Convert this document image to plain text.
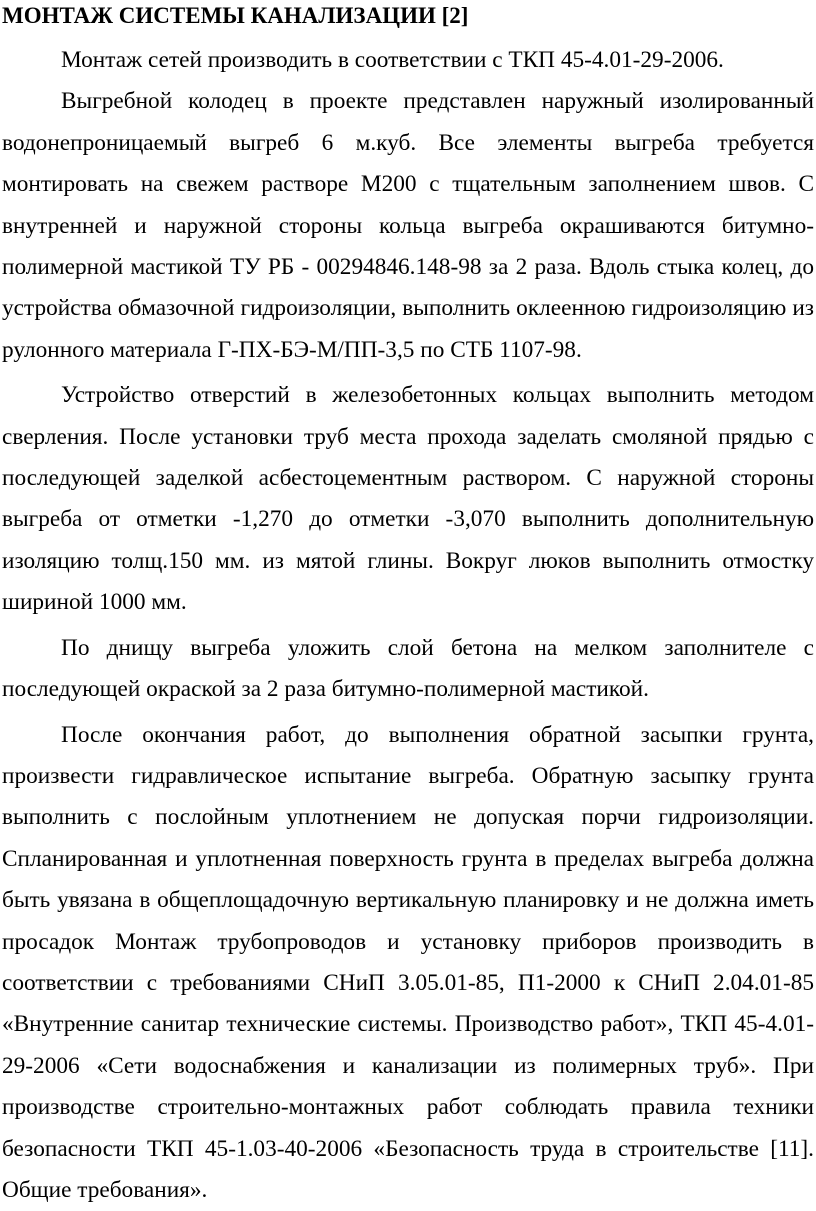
МОНТАЖ СИСТЕМЫ КАНАЛИЗАЦИИ [2]

Монтаж сетей производить в соответствии с ТКП 45-4.01-29-2006.

Выгребной колодец в проекте представлен наружный изолированный водонепроницаемый выгреб 6 м.куб. Все элементы выгреба требуется монтировать на свежем растворе М200 с тщательным заполнением швов. С внутренней и наружной стороны кольца выгреба окрашиваются битумно-полимерной мастикой ТУ РБ - 00294846.148-98 за 2 раза. Вдоль стыка колец, до устройства обмазочной гидроизоляции, выполнить оклеенною гидроизоляцию из рулонного материала Г-ПХ-БЭ-М/ПП-3,5 по СТБ 1107-98.

Устройство отверстий в железобетонных кольцах выполнить методом сверления. После установки труб места прохода заделать смоляной прядью с последующей заделкой асбестоцементным раствором. С наружной стороны выгреба от отметки -1,270 до отметки -3,070 выполнить дополнительную изоляцию толщ.150 мм. из мятой глины. Вокруг люков выполнить отмостку шириной 1000 мм.

По днищу выгреба уложить слой бетона на мелком заполнителе с последующей окраской за 2 раза битумно-полимерной мастикой.

После окончания работ, до выполнения обратной засыпки грунта, произвести гидравлическое испытание выгреба. Обратную засыпку грунта выполнить с послойным уплотнением не допуская порчи гидроизоляции. Спланированная и уплотненная поверхность грунта в пределах выгреба должна быть увязана в общеплощадочную вертикальную планировку и не должна иметь просадок Монтаж трубопроводов и установку приборов производить в соответствии с требованиями СНиП 3.05.01-85, П1-2000 к СНиП 2.04.01-85 «Внутренние санитар технические системы. Производство работ», ТКП 45-4.01-29-2006 «Сети водоснабжения и канализации из полимерных труб». При производстве строительно-монтажных работ соблюдать правила техники безопасности ТКП 45-1.03-40-2006 «Безопасность труда в строительстве [11]. Общие требования».
